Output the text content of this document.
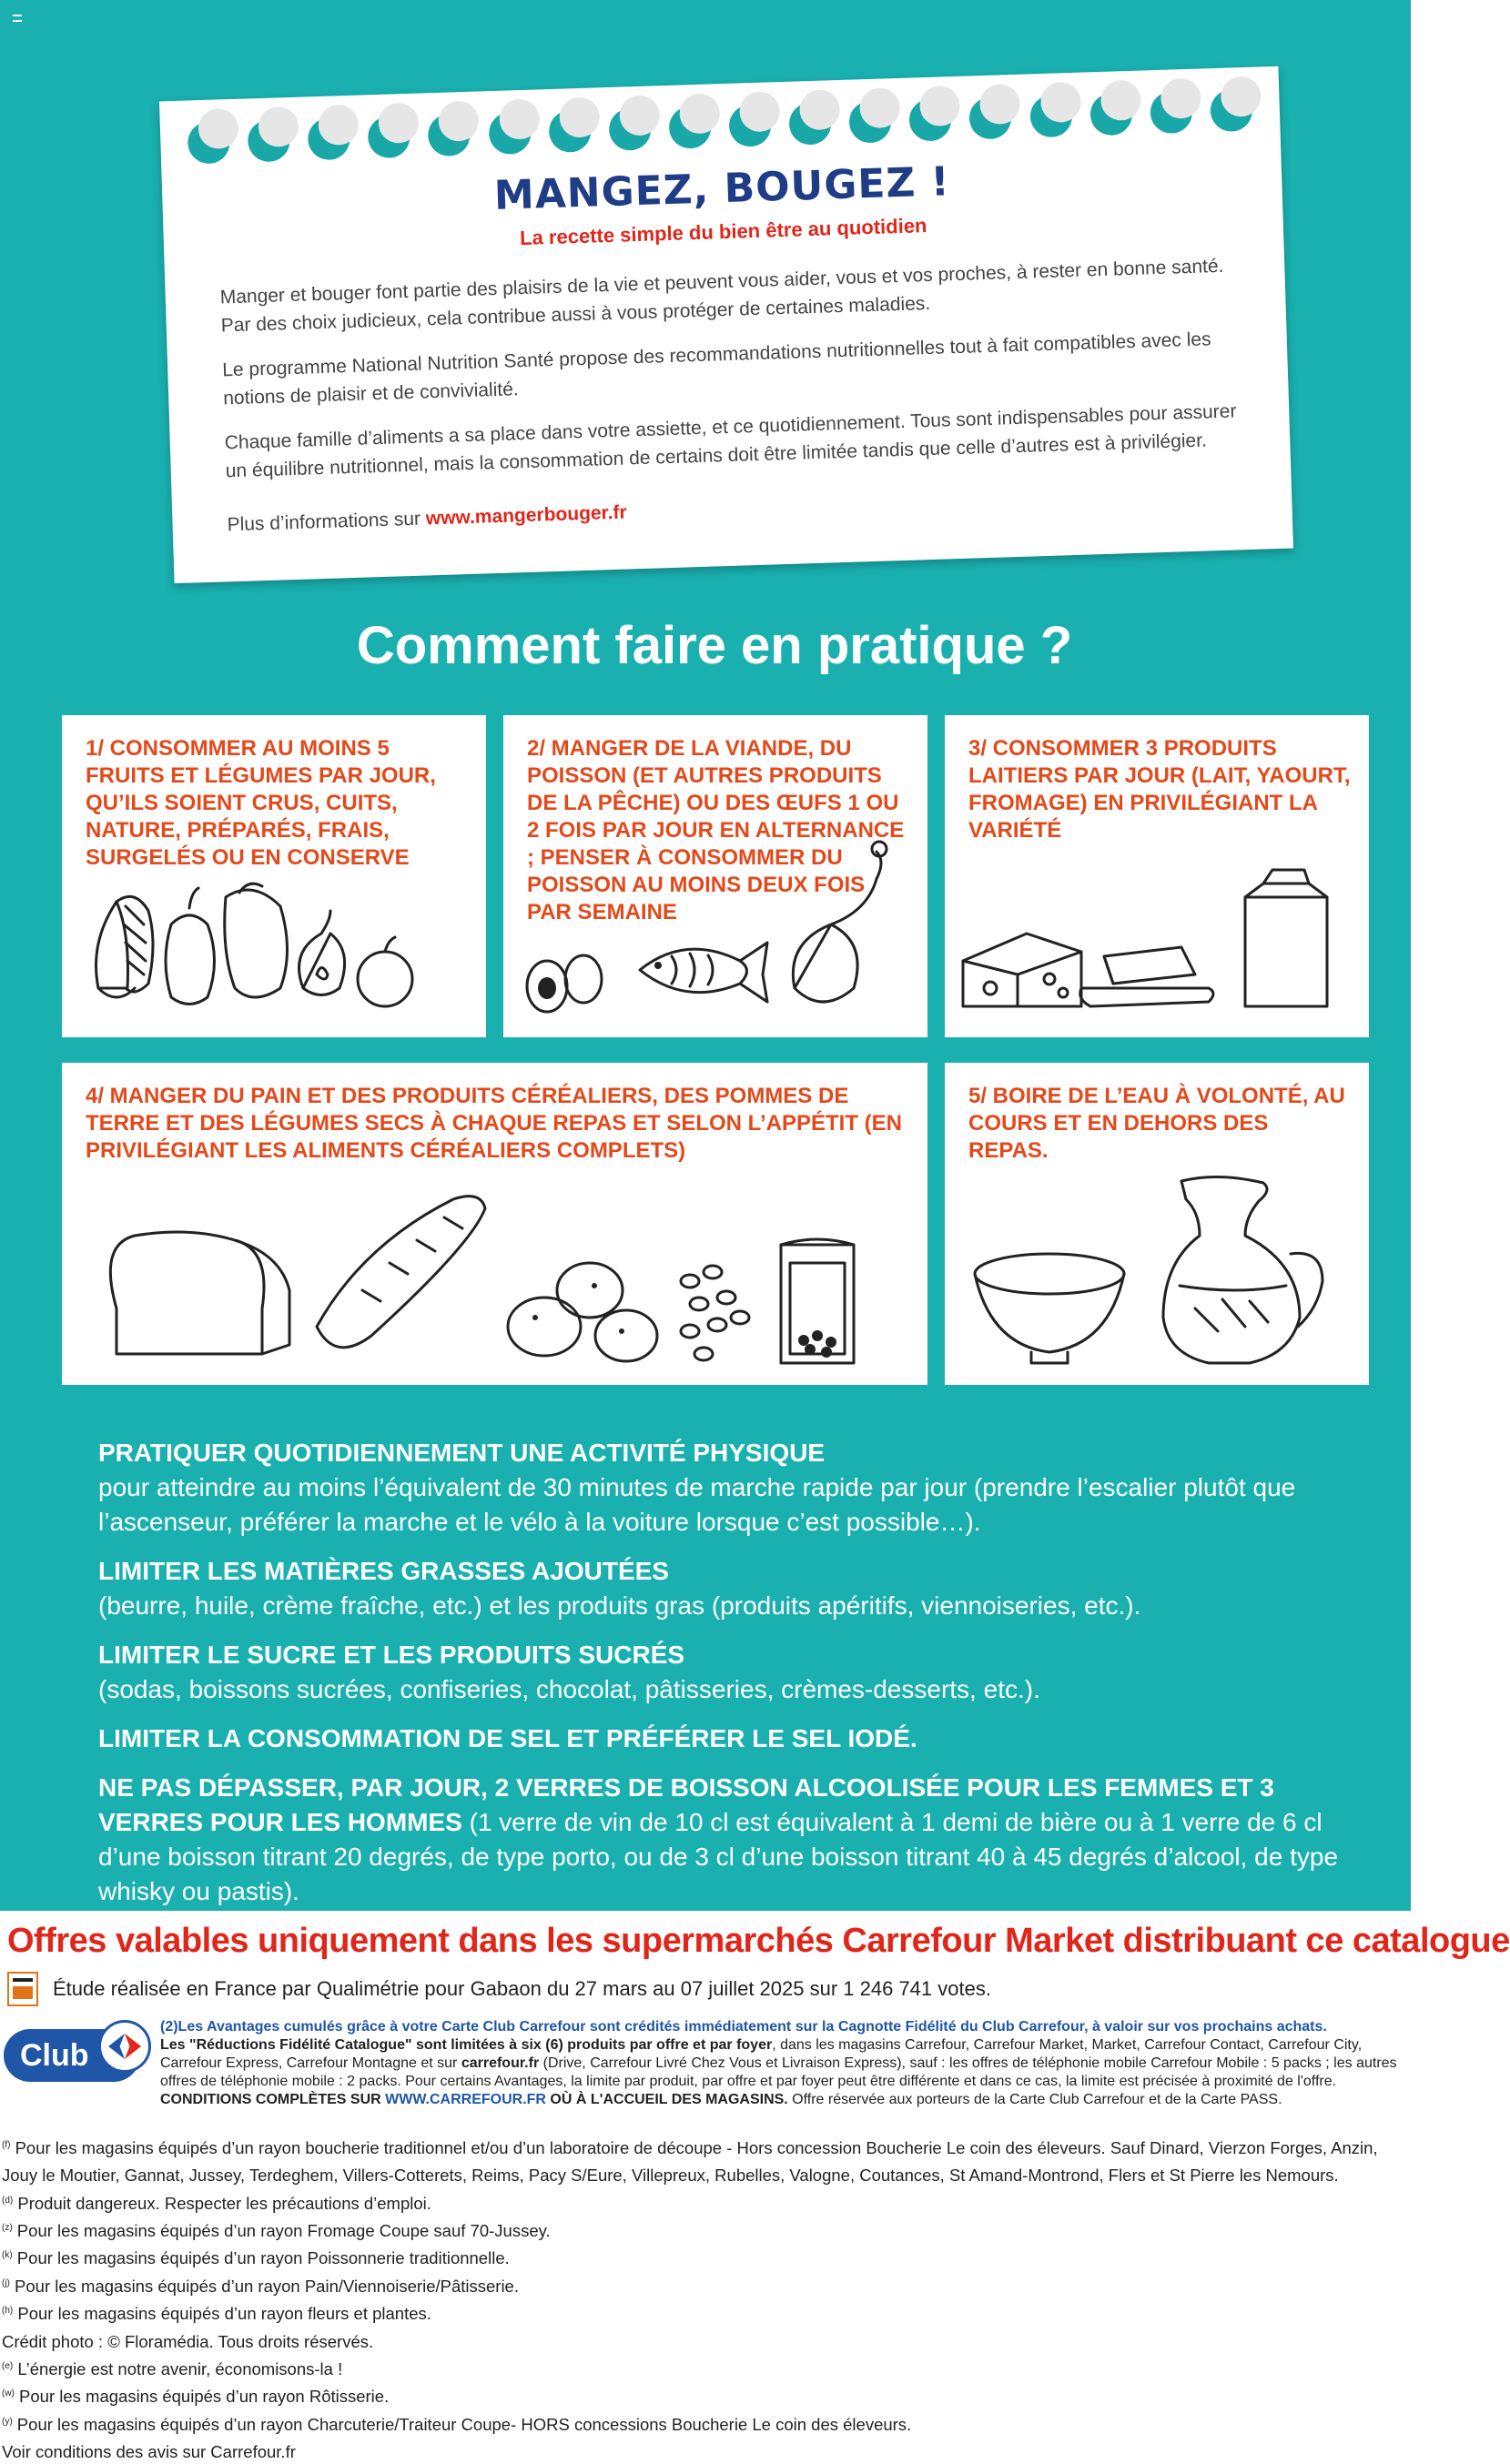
MANGEZ, BOUGEZ !
La recette simple du bien être au quotidien

Manger et bouger font partie des plaisirs de la vie et peuvent vous aider, vous et vos proches, à rester en bonne santé. Par des choix judicieux, cela contribue aussi à vous protéger de certaines maladies.

Le programme National Nutrition Santé propose des recommandations nutritionnelles tout à fait compatibles avec les notions de plaisir et de convivialité.

Chaque famille d’aliments a sa place dans votre assiette, et ce quotidiennement. Tous sont indispensables pour assurer un équilibre nutritionnel, mais la consommation de certains doit être limitée tandis que celle d’autres est à privilégier.

Plus d’informations sur www.mangerbouger.fr

Comment faire en pratique ?
1/ CONSOMMER AU MOINS 5 FRUITS ET LÉGUMES PAR JOUR, QU’ILS SOIENT CRUS, CUITS, NATURE, PRÉPARÉS, FRAIS, SURGELÉS OU EN CONSERVE
2/ MANGER DE LA VIANDE, DU POISSON (ET AUTRES PRODUITS DE LA PÊCHE) OU DES ŒUFS 1 OU 2 FOIS PAR JOUR EN ALTERNANCE ; PENSER À CONSOMMER DU POISSON AU MOINS DEUX FOIS PAR SEMAINE
3/ CONSOMMER 3 PRODUITS LAITIERS PAR JOUR (LAIT, YAOURT, FROMAGE) EN PRIVILÉGIANT LA VARIÉTÉ
4/ MANGER DU PAIN ET DES PRODUITS CÉRÉALIERS, DES POMMES DE TERRE ET DES LÉGUMES SECS À CHAQUE REPAS ET SELON L’APPÉTIT (EN PRIVILÉGIANT LES ALIMENTS CÉRÉALIERS COMPLETS)
5/ BOIRE DE L’EAU À VOLONTÉ, AU COURS ET EN DEHORS DES REPAS.
PRATIQUER QUOTIDIENNEMENT UNE ACTIVITÉ PHYSIQUE
pour atteindre au moins l’équivalent de 30 minutes de marche rapide par jour (prendre l’escalier plutôt que l’ascenseur, préférer la marche et le vélo à la voiture lorsque c’est possible…).
LIMITER LES MATIÈRES GRASSES AJOUTÉES
(beurre, huile, crème fraîche, etc.) et les produits gras (produits apéritifs, viennoiseries, etc.).
LIMITER LE SUCRE ET LES PRODUITS SUCRÉS
(sodas, boissons sucrées, confiseries, chocolat, pâtisseries, crèmes-desserts, etc.).
LIMITER LA CONSOMMATION DE SEL ET PRÉFÉRER LE SEL IODÉ.
NE PAS DÉPASSER, PAR JOUR, 2 VERRES DE BOISSON ALCOOLISÉE POUR LES FEMMES ET 3 VERRES POUR LES HOMMES (1 verre de vin de 10 cl est équivalent à 1 demi de bière ou à 1 verre de 6 cl d’une boisson titrant 20 degrés, de type porto, ou de 3 cl d’une boisson titrant 40 à 45 degrés d’alcool, de type whisky ou pastis).
Offres valables uniquement dans les supermarchés Carrefour Market distribuant ce catalogue
Étude réalisée en France par Qualimétrie pour Gabaon du 27 mars au 07 juillet 2025 sur 1 246 741 votes.
Club
(2)Les Avantages cumulés grâce à votre Carte Club Carrefour sont crédités immédiatement sur la Cagnotte Fidélité du Club Carrefour, à valoir sur vos prochains achats.
Les "Réductions Fidélité Catalogue" sont limitées à six (6) produits par offre et par foyer, dans les magasins Carrefour, Carrefour Market, Market, Carrefour Contact, Carrefour City, Carrefour Express, Carrefour Montagne et sur carrefour.fr (Drive, Carrefour Livré Chez Vous et Livraison Express), sauf : les offres de téléphonie mobile Carrefour Mobile : 5 packs ; les autres offres de téléphonie mobile : 2 packs. Pour certains Avantages, la limite par produit, par offre et par foyer peut être différente et dans ce cas, la limite est précisée à proximité de l'offre. CONDITIONS COMPLÈTES SUR WWW.CARREFOUR.FR OÙ À L'ACCUEIL DES MAGASINS. Offre réservée aux porteurs de la Carte Club Carrefour et de la Carte PASS.
$^{(f)}$ Pour les magasins équipés d’un rayon boucherie traditionnel et/ou d’un laboratoire de découpe - Hors concession Boucherie Le coin des éleveurs. Sauf Dinard, Vierzon Forges, Anzin,
Jouy le Moutier, Gannat, Jussey, Terdeghem, Villers-Cotterets, Reims, Pacy S/Eure, Villepreux, Rubelles, Valogne, Coutances, St Amand-Montrond, Flers et St Pierre les Nemours.
$^{(d)}$ Produit dangereux. Respecter les précautions d’emploi.
$^{(z)}$ Pour les magasins équipés d’un rayon Fromage Coupe sauf 70-Jussey.
$^{(k)}$ Pour les magasins équipés d’un rayon Poissonnerie traditionnelle.
$^{(j)}$ Pour les magasins équipés d’un rayon Pain/Viennoiserie/Pâtisserie.
$^{(h)}$ Pour les magasins équipés d’un rayon fleurs et plantes.
Crédit photo : © Floramédia. Tous droits réservés.
$^{(e)}$ L’énergie est notre avenir, économisons-la !
$^{(w)}$ Pour les magasins équipés d’un rayon Rôtisserie.
$^{(y)}$ Pour les magasins équipés d’un rayon Charcuterie/Traiteur Coupe- HORS concessions Boucherie Le coin des éleveurs.
Voir conditions des avis sur Carrefour.fr
